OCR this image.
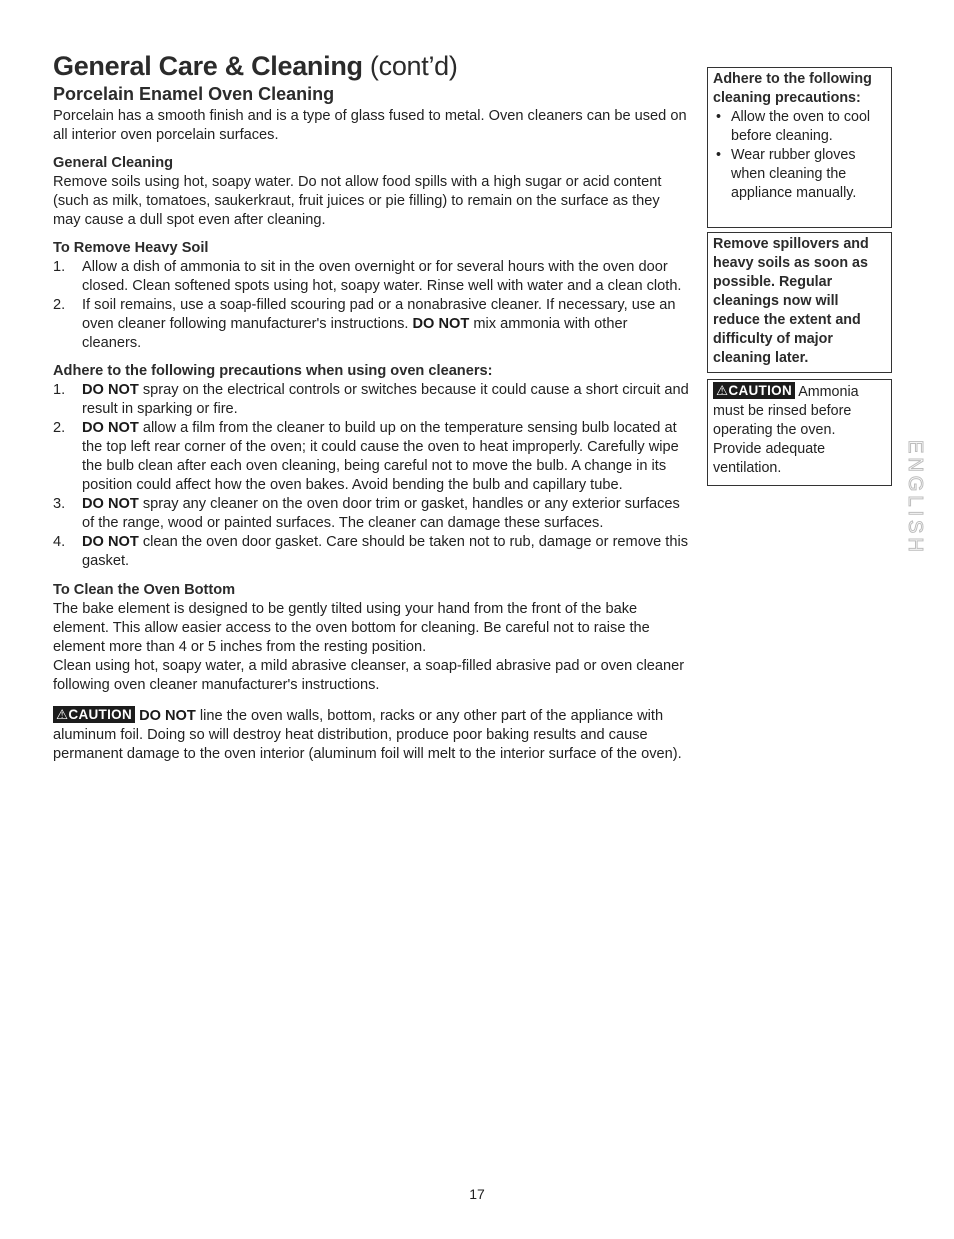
General Care & Cleaning (cont’d)
Porcelain Enamel Oven Cleaning

Porcelain has a smooth finish and is a type of glass fused to metal. Oven cleaners can be used on all interior oven porcelain surfaces.

General Cleaning

Remove soils using hot, soapy water. Do not allow food spills with a high sugar or acid content (such as milk, tomatoes, saukerkraut, fruit juices or pie filling) to remain on the surface as they may cause a dull spot even after cleaning.

To Remove Heavy Soil
1. Allow a dish of ammonia to sit in the oven overnight or for several hours with the oven door closed. Clean softened spots using hot, soapy water. Rinse well with water and a clean cloth.
2. If soil remains, use a soap-filled scouring pad or a nonabrasive cleaner. If necessary, use an oven cleaner following manufacturer's instructions. DO NOT mix ammonia with other cleaners.
Adhere to the following precautions when using oven cleaners:
1. DO NOT spray on the electrical controls or switches because it could cause a short circuit and result in sparking or fire.
2. DO NOT allow a film from the cleaner to build up on the temperature sensing bulb located at the top left rear corner of the oven; it could cause the oven to heat improperly. Carefully wipe the bulb clean after each oven cleaning, being careful not to move the bulb. A change in its position could affect how the oven bakes. Avoid bending the bulb and capillary tube.
3. DO NOT spray any cleaner on the oven door trim or gasket, handles or any exterior surfaces of the range, wood or painted surfaces. The cleaner can damage these surfaces.
4. DO NOT clean the oven door gasket. Care should be taken not to rub, damage or remove this gasket.
To Clean the Oven Bottom

The bake element is designed to be gently tilted using your hand from the front of the bake element. This allow easier access to the oven bottom for cleaning. Be careful not to raise the element more than 4 or 5 inches from the resting position.

Clean using hot, soapy water, a mild abrasive cleanser, a soap-filled abrasive pad or oven cleaner following oven cleaner manufacturer's instructions.

⚠CAUTION DO NOT line the oven walls, bottom, racks or any other part of the appliance with aluminum foil. Doing so will destroy heat distribution, produce poor baking results and cause permanent damage to the oven interior (aluminum foil will melt to the interior surface of the oven).

Adhere to the following cleaning precautions:

• Allow the oven to cool before cleaning.
• Wear rubber gloves when cleaning the appliance manually.

Remove spillovers and heavy soils as soon as possible. Regular cleanings now will reduce the extent and difficulty of major cleaning later.

⚠CAUTION Ammonia must be rinsed before operating the oven. Provide adequate ventilation.	ENGLISH
17
